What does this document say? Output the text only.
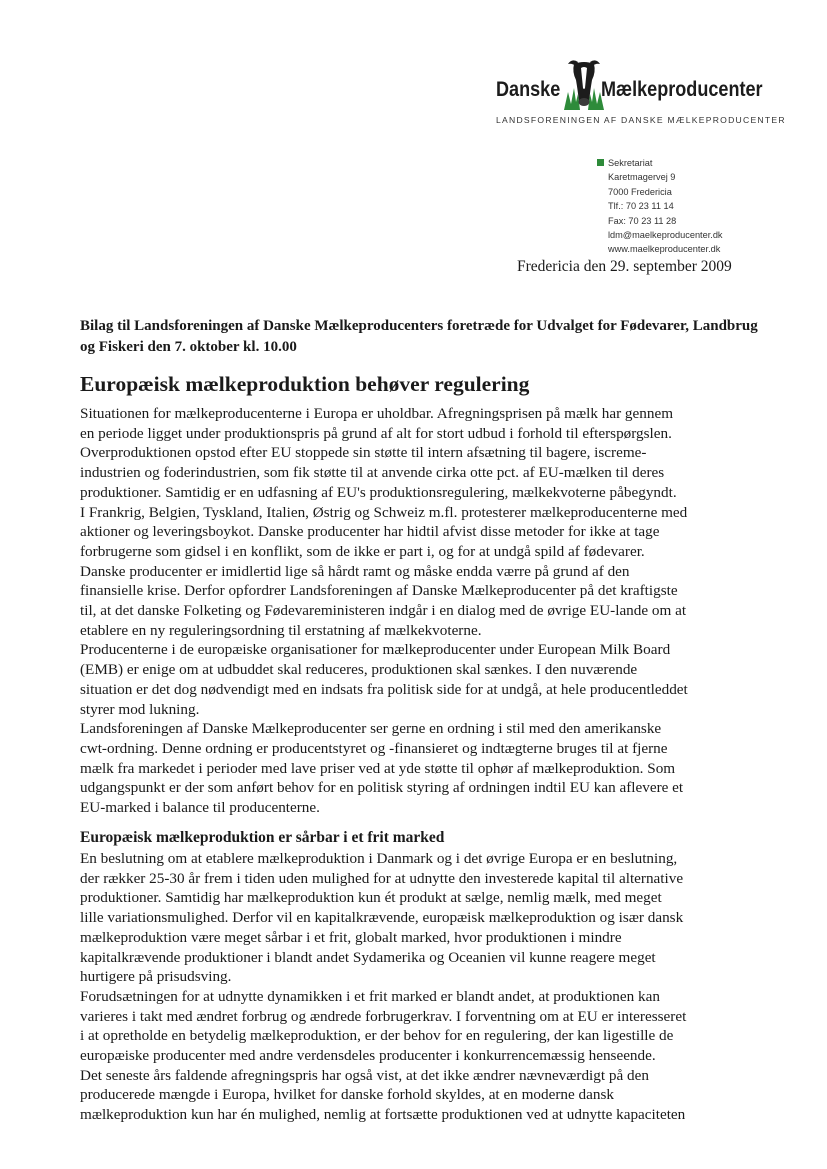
Danske Mælkeproducenter
LANDSFORENINGEN AF DANSKE MÆLKEPRODUCENTER
Sekretariat
Karetmagervej 9
7000 Fredericia
Tlf.: 70 23 11 14
Fax: 70 23 11 28
ldm@maelkeproducenter.dk
www.maelkeproducenter.dk
Fredericia den 29. september 2009
Bilag til Landsforeningen af Danske Mælkeproducenters foretræde for Udvalget for Fødevarer, Landbrug og Fiskeri den 7. oktober kl. 10.00
Europæisk mælkeproduktion behøver regulering
Situationen for mælkeproducenterne i Europa er uholdbar. Afregningsprisen på mælk har gennem
en periode ligget under produktionspris på grund af alt for stort udbud i forhold til efterspørgslen.
Overproduktionen opstod efter EU stoppede sin støtte til intern afsætning til bagere, iscreme-
industrien og foderindustrien, som fik støtte til at anvende cirka otte pct. af EU-mælken til deres
produktioner. Samtidig er en udfasning af EU's produktionsregulering, mælkekvoterne påbegyndt.
I Frankrig, Belgien, Tyskland, Italien, Østrig og Schweiz m.fl. protesterer mælkeproducenterne med
aktioner og leveringsboykot. Danske producenter har hidtil afvist disse metoder for ikke at tage
forbrugerne som gidsel i en konflikt, som de ikke er part i, og for at undgå spild af fødevarer.
Danske producenter er imidlertid lige så hårdt ramt og måske endda værre på grund af den
finansielle krise. Derfor opfordrer Landsforeningen af Danske Mælkeproducenter på det kraftigste
til, at det danske Folketing og Fødevareministeren indgår i en dialog med de øvrige EU-lande om at
etablere en ny reguleringsordning til erstatning af mælkekvoterne.
Producenterne i de europæiske organisationer for mælkeproducenter under European Milk Board
(EMB) er enige om at udbuddet skal reduceres, produktionen skal sænkes. I den nuværende
situation er det dog nødvendigt med en indsats fra politisk side for at undgå, at hele producentleddet
styrer mod lukning.
Landsforeningen af Danske Mælkeproducenter ser gerne en ordning i stil med den amerikanske
cwt-ordning. Denne ordning er producentstyret og -finansieret og indtægterne bruges til at fjerne
mælk fra markedet i perioder med lave priser ved at yde støtte til ophør af mælkeproduktion. Som
udgangspunkt er der som anført behov for en politisk styring af ordningen indtil EU kan aflevere et
EU-marked i balance til producenterne.
Europæisk mælkeproduktion er sårbar i et frit marked
En beslutning om at etablere mælkeproduktion i Danmark og i det øvrige Europa er en beslutning,
der rækker 25-30 år frem i tiden uden mulighed for at udnytte den investerede kapital til alternative
produktioner. Samtidig har mælkeproduktion kun ét produkt at sælge, nemlig mælk, med meget
lille variationsmulighed. Derfor vil en kapitalkrævende, europæisk mælkeproduktion og især dansk
mælkeproduktion være meget sårbar i et frit, globalt marked, hvor produktionen i mindre
kapitalkrævende produktioner i blandt andet Sydamerika og Oceanien vil kunne reagere meget
hurtigere på prisudsving.
Forudsætningen for at udnytte dynamikken i et frit marked er blandt andet, at produktionen kan
varieres i takt med ændret forbrug og ændrede forbrugerkrav. I forventning om at EU er interesseret
i at opretholde en betydelig mælkeproduktion, er der behov for en regulering, der kan ligestille de
europæiske producenter med andre verdensdeles producenter i konkurrencemæssig henseende.
Det seneste års faldende afregningspris har også vist, at det ikke ændrer nævneværdigt på den
producerede mængde i Europa, hvilket for danske forhold skyldes, at en moderne dansk
mælkeproduktion kun har én mulighed, nemlig at fortsætte produktionen ved at udnytte kapaciteten
